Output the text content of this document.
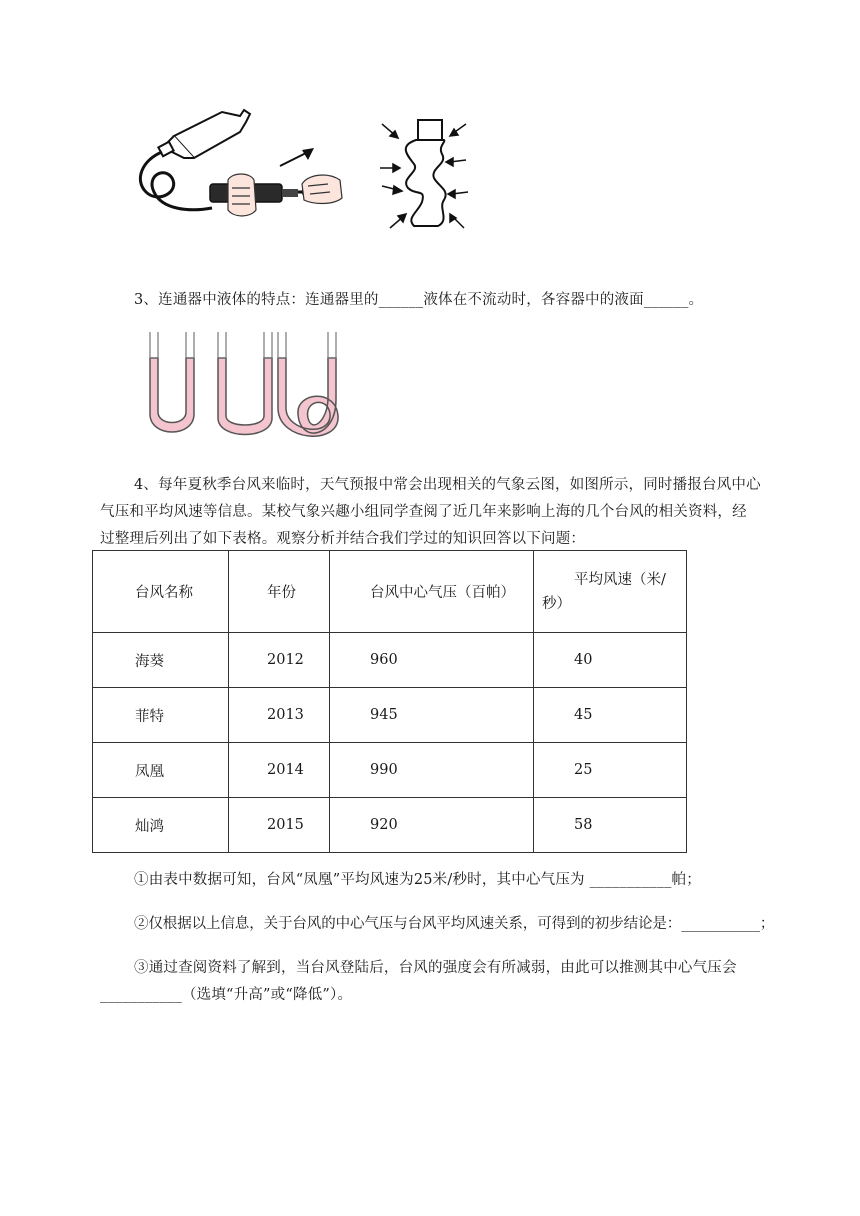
3、连通器中液体的特点：连通器里的______液体在不流动时，各容器中的液面______。
4、每年夏秋季台风来临时，天气预报中常会出现相关的气象云图，如图所示，同时播报台风中心
气压和平均风速等信息。某校气象兴趣小组同学查阅了近几年来影响上海的几个台风的相关资料，经
过整理后列出了如下表格。观察分析并结合我们学过的知识回答以下问题：
台风名称	年份	台风中心气压（百帕）	平均风速（米/秒）

海葵	2012	960	40

菲特	2013	945	45

凤凰	2014	990	25

灿鸿	2015	920	58
①由表中数据可知，台风“凤凰”平均风速为25米/秒时，其中心气压为 ___________帕；
②仅根据以上信息，关于台风的中心气压与台风平均风速关系，可得到的初步结论是：___________；
③通过查阅资料了解到，当台风登陆后，台风的强度会有所减弱，由此可以推测其中心气压会
___________（选填“升高”或“降低”）。
